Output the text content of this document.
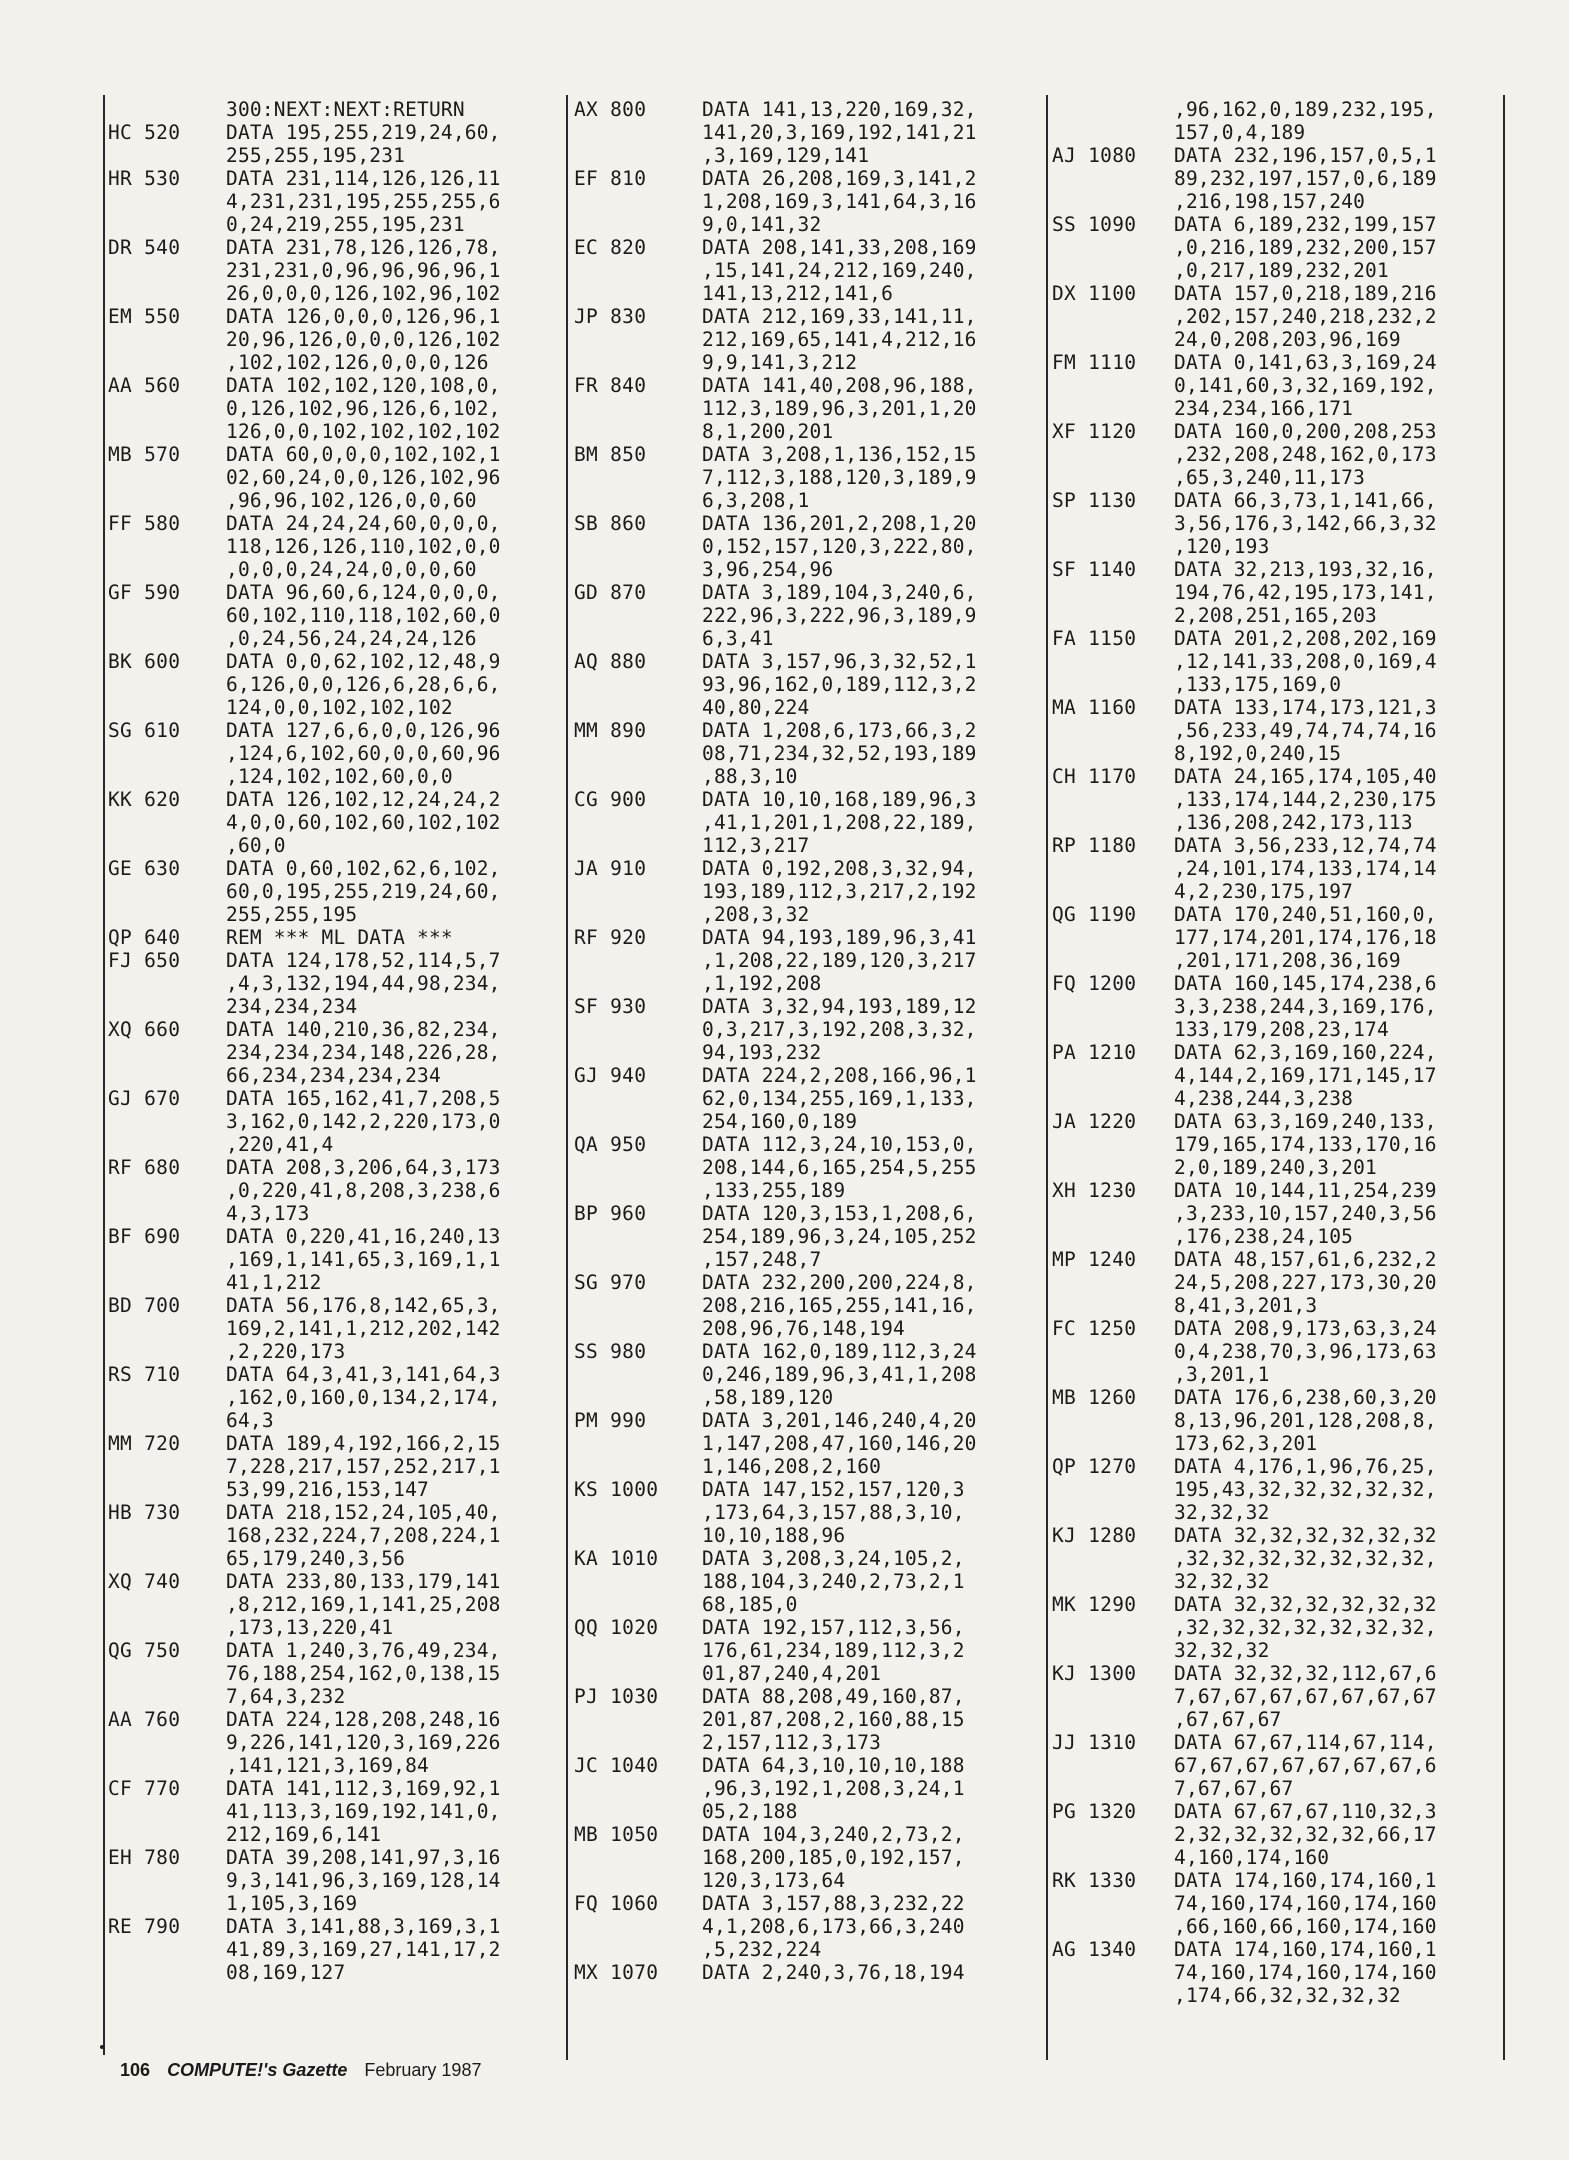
300:NEXT:NEXT:RETURN
HC 520	DATA 195,255,219,24,60,
255,255,195,231
HR 530	DATA 231,114,126,126,11
4,231,231,195,255,255,6
0,24,219,255,195,231
DR 540	DATA 231,78,126,126,78,
231,231,0,96,96,96,96,1
26,0,0,0,126,102,96,102
EM 550	DATA 126,0,0,0,126,96,1
20,96,126,0,0,0,126,102
,102,102,126,0,0,0,126
AA 560	DATA 102,102,120,108,0,
0,126,102,96,126,6,102,
126,0,0,102,102,102,102
MB 570	DATA 60,0,0,0,102,102,1
02,60,24,0,0,126,102,96
,96,96,102,126,0,0,60
FF 580	DATA 24,24,24,60,0,0,0,
118,126,126,110,102,0,0
,0,0,0,24,24,0,0,0,60
GF 590	DATA 96,60,6,124,0,0,0,
60,102,110,118,102,60,0
,0,24,56,24,24,24,126
BK 600	DATA 0,0,62,102,12,48,9
6,126,0,0,126,6,28,6,6,
124,0,0,102,102,102
SG 610	DATA 127,6,6,0,0,126,96
,124,6,102,60,0,0,60,96
,124,102,102,60,0,0
KK 620	DATA 126,102,12,24,24,2
4,0,0,60,102,60,102,102
,60,0
GE 630	DATA 0,60,102,62,6,102,
60,0,195,255,219,24,60,
255,255,195
QP 640	REM *** ML DATA ***
FJ 650	DATA 124,178,52,114,5,7
,4,3,132,194,44,98,234,
234,234,234
XQ 660	DATA 140,210,36,82,234,
234,234,234,148,226,28,
66,234,234,234,234
GJ 670	DATA 165,162,41,7,208,5
3,162,0,142,2,220,173,0
,220,41,4
RF 680	DATA 208,3,206,64,3,173
,0,220,41,8,208,3,238,6
4,3,173
BF 690	DATA 0,220,41,16,240,13
,169,1,141,65,3,169,1,1
41,1,212
BD 700	DATA 56,176,8,142,65,3,
169,2,141,1,212,202,142
,2,220,173
RS 710	DATA 64,3,41,3,141,64,3
,162,0,160,0,134,2,174,
64,3
MM 720	DATA 189,4,192,166,2,15
7,228,217,157,252,217,1
53,99,216,153,147
HB 730	DATA 218,152,24,105,40,
168,232,224,7,208,224,1
65,179,240,3,56
XQ 740	DATA 233,80,133,179,141
,8,212,169,1,141,25,208
,173,13,220,41
QG 750	DATA 1,240,3,76,49,234,
76,188,254,162,0,138,15
7,64,3,232
AA 760	DATA 224,128,208,248,16
9,226,141,120,3,169,226
,141,121,3,169,84
CF 770	DATA 141,112,3,169,92,1
41,113,3,169,192,141,0,
212,169,6,141
EH 780	DATA 39,208,141,97,3,16
9,3,141,96,3,169,128,14
1,105,3,169
RE 790	DATA 3,141,88,3,169,3,1
41,89,3,169,27,141,17,2
08,169,127
AX 800	DATA 141,13,220,169,32,
141,20,3,169,192,141,21
,3,169,129,141
EF 810	DATA 26,208,169,3,141,2
1,208,169,3,141,64,3,16
9,0,141,32
EC 820	DATA 208,141,33,208,169
,15,141,24,212,169,240,
141,13,212,141,6
JP 830	DATA 212,169,33,141,11,
212,169,65,141,4,212,16
9,9,141,3,212
FR 840	DATA 141,40,208,96,188,
112,3,189,96,3,201,1,20
8,1,200,201
BM 850	DATA 3,208,1,136,152,15
7,112,3,188,120,3,189,9
6,3,208,1
SB 860	DATA 136,201,2,208,1,20
0,152,157,120,3,222,80,
3,96,254,96
GD 870	DATA 3,189,104,3,240,6,
222,96,3,222,96,3,189,9
6,3,41
AQ 880	DATA 3,157,96,3,32,52,1
93,96,162,0,189,112,3,2
40,80,224
MM 890	DATA 1,208,6,173,66,3,2
08,71,234,32,52,193,189
,88,3,10
CG 900	DATA 10,10,168,189,96,3
,41,1,201,1,208,22,189,
112,3,217
JA 910	DATA 0,192,208,3,32,94,
193,189,112,3,217,2,192
,208,3,32
RF 920	DATA 94,193,189,96,3,41
,1,208,22,189,120,3,217
,1,192,208
SF 930	DATA 3,32,94,193,189,12
0,3,217,3,192,208,3,32,
94,193,232
GJ 940	DATA 224,2,208,166,96,1
62,0,134,255,169,1,133,
254,160,0,189
QA 950	DATA 112,3,24,10,153,0,
208,144,6,165,254,5,255
,133,255,189
BP 960	DATA 120,3,153,1,208,6,
254,189,96,3,24,105,252
,157,248,7
SG 970	DATA 232,200,200,224,8,
208,216,165,255,141,16,
208,96,76,148,194
SS 980	DATA 162,0,189,112,3,24
0,246,189,96,3,41,1,208
,58,189,120
PM 990	DATA 3,201,146,240,4,20
1,147,208,47,160,146,20
1,146,208,2,160
KS 1000	DATA 147,152,157,120,3
,173,64,3,157,88,3,10,
10,10,188,96
KA 1010	DATA 3,208,3,24,105,2,
188,104,3,240,2,73,2,1
68,185,0
QQ 1020	DATA 192,157,112,3,56,
176,61,234,189,112,3,2
01,87,240,4,201
PJ 1030	DATA 88,208,49,160,87,
201,87,208,2,160,88,15
2,157,112,3,173
JC 1040	DATA 64,3,10,10,10,188
,96,3,192,1,208,3,24,1
05,2,188
MB 1050	DATA 104,3,240,2,73,2,
168,200,185,0,192,157,
120,3,173,64
FQ 1060	DATA 3,157,88,3,232,22
4,1,208,6,173,66,3,240
,5,232,224
MX 1070	DATA 2,240,3,76,18,194
,96,162,0,189,232,195,
157,0,4,189
AJ 1080	DATA 232,196,157,0,5,1
89,232,197,157,0,6,189
,216,198,157,240
SS 1090	DATA 6,189,232,199,157
,0,216,189,232,200,157
,0,217,189,232,201
DX 1100	DATA 157,0,218,189,216
,202,157,240,218,232,2
24,0,208,203,96,169
FM 1110	DATA 0,141,63,3,169,24
0,141,60,3,32,169,192,
234,234,166,171
XF 1120	DATA 160,0,200,208,253
,232,208,248,162,0,173
,65,3,240,11,173
SP 1130	DATA 66,3,73,1,141,66,
3,56,176,3,142,66,3,32
,120,193
SF 1140	DATA 32,213,193,32,16,
194,76,42,195,173,141,
2,208,251,165,203
FA 1150	DATA 201,2,208,202,169
,12,141,33,208,0,169,4
,133,175,169,0
MA 1160	DATA 133,174,173,121,3
,56,233,49,74,74,74,16
8,192,0,240,15
CH 1170	DATA 24,165,174,105,40
,133,174,144,2,230,175
,136,208,242,173,113
RP 1180	DATA 3,56,233,12,74,74
,24,101,174,133,174,14
4,2,230,175,197
QG 1190	DATA 170,240,51,160,0,
177,174,201,174,176,18
,201,171,208,36,169
FQ 1200	DATA 160,145,174,238,6
3,3,238,244,3,169,176,
133,179,208,23,174
PA 1210	DATA 62,3,169,160,224,
4,144,2,169,171,145,17
4,238,244,3,238
JA 1220	DATA 63,3,169,240,133,
179,165,174,133,170,16
2,0,189,240,3,201
XH 1230	DATA 10,144,11,254,239
,3,233,10,157,240,3,56
,176,238,24,105
MP 1240	DATA 48,157,61,6,232,2
24,5,208,227,173,30,20
8,41,3,201,3
FC 1250	DATA 208,9,173,63,3,24
0,4,238,70,3,96,173,63
,3,201,1
MB 1260	DATA 176,6,238,60,3,20
8,13,96,201,128,208,8,
173,62,3,201
QP 1270	DATA 4,176,1,96,76,25,
195,43,32,32,32,32,32,
32,32,32
KJ 1280	DATA 32,32,32,32,32,32
,32,32,32,32,32,32,32,
32,32,32
MK 1290	DATA 32,32,32,32,32,32
,32,32,32,32,32,32,32,
32,32,32
KJ 1300	DATA 32,32,32,112,67,6
7,67,67,67,67,67,67,67
,67,67,67
JJ 1310	DATA 67,67,114,67,114,
67,67,67,67,67,67,67,6
7,67,67,67
PG 1320	DATA 67,67,67,110,32,3
2,32,32,32,32,32,66,17
4,160,174,160
RK 1330	DATA 174,160,174,160,1
74,160,174,160,174,160
,66,160,66,160,174,160
AG 1340	DATA 174,160,174,160,1
74,160,174,160,174,160
,174,66,32,32,32,32
106 COMPUTE!'s Gazette February 1987
